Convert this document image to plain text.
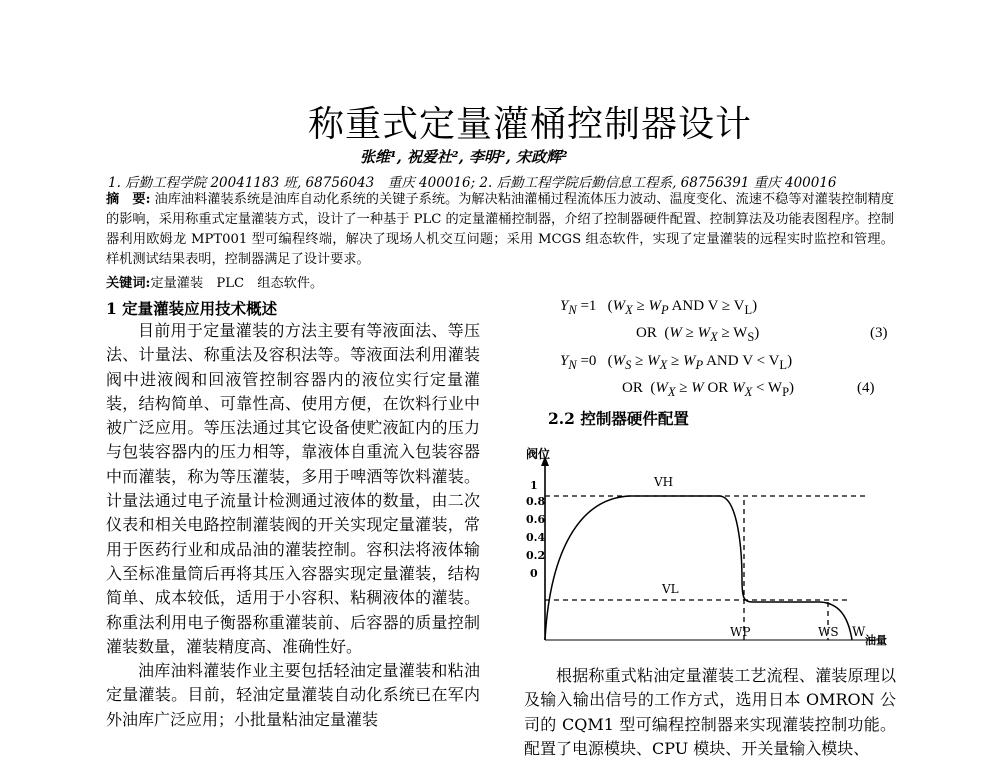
称重式定量灌桶控制器设计
张维¹, 祝爱社², 李明², 宋政辉²
1. 后勤工程学院 20041183 班, 68756043　重庆 400016; 2. 后勤工程学院后勤信息工程系, 68756391 重庆 400016
摘　要: 油库油料灌装系统是油库自动化系统的关键子系统。为解决粘油灌桶过程流体压力波动、温度变化、流速不稳等对灌装控制精度的影响，采用称重式定量灌装方式，设计了一种基于 PLC 的定量灌桶控制器，介绍了控制器硬件配置、控制算法及功能表图程序。控制器利用欧姆龙 MPT001 型可编程终端，解决了现场人机交互问题；采用 MCGS 组态软件，实现了定量灌装的远程实时监控和管理。样机测试结果表明，控制器满足了设计要求。
关键词:定量灌装　PLC　组态软件。
1 定量灌装应用技术概述

目前用于定量灌装的方法主要有等液面法、等压法、计量法、称重法及容积法等。等液面法利用灌装阀中进液阀和回液管控制容器内的液位实行定量灌装，结构简单、可靠性高、使用方便，在饮料行业中被广泛应用。等压法通过其它设备使贮液缸内的压力与包装容器内的压力相等，靠液体自重流入包装容器中而灌装，称为等压灌装，多用于啤酒等饮料灌装。计量法通过电子流量计检测通过液体的数量，由二次仪表和相关电路控制灌装阀的开关实现定量灌装，常用于医药行业和成品油的灌装控制。容积法将液体输入至标准量筒后再将其压入容器实现定量灌装，结构简单、成本较低，适用于小容积、粘稠液体的灌装。称重法利用电子衡器称重灌装前、后容器的质量控制灌装数量，灌装精度高、准确性好。

油库油料灌装作业主要包括轻油定量灌装和粘油定量灌装。目前，轻油定量灌装自动化系统已在军内外油库广泛应用；小批量粘油定量灌装

$Y_N =1$   ($W_X \ge W_P$ AND $V \ge V_L$)
OR  $(W \ge W_X \ge W_S)$	(3)
$Y_N =0$   ($W_S \ge W_X \ge W_P$ AND $V < V_L$)
OR  ($W_X \ge W$ OR $W_X < W_P$)	(4)
2.2 控制器硬件配置
阀位
1
0.8
0.6
0.4
0.2
0
VH
VL
WP	WS W
油量

根据称重式粘油定量灌装工艺流程、灌装原理以及输入输出信号的工作方式，选用日本 OMRON 公司的 CQM1 型可编程控制器来实现灌装控制功能。配置了电源模块、CPU 模块、开关量输入模块、
